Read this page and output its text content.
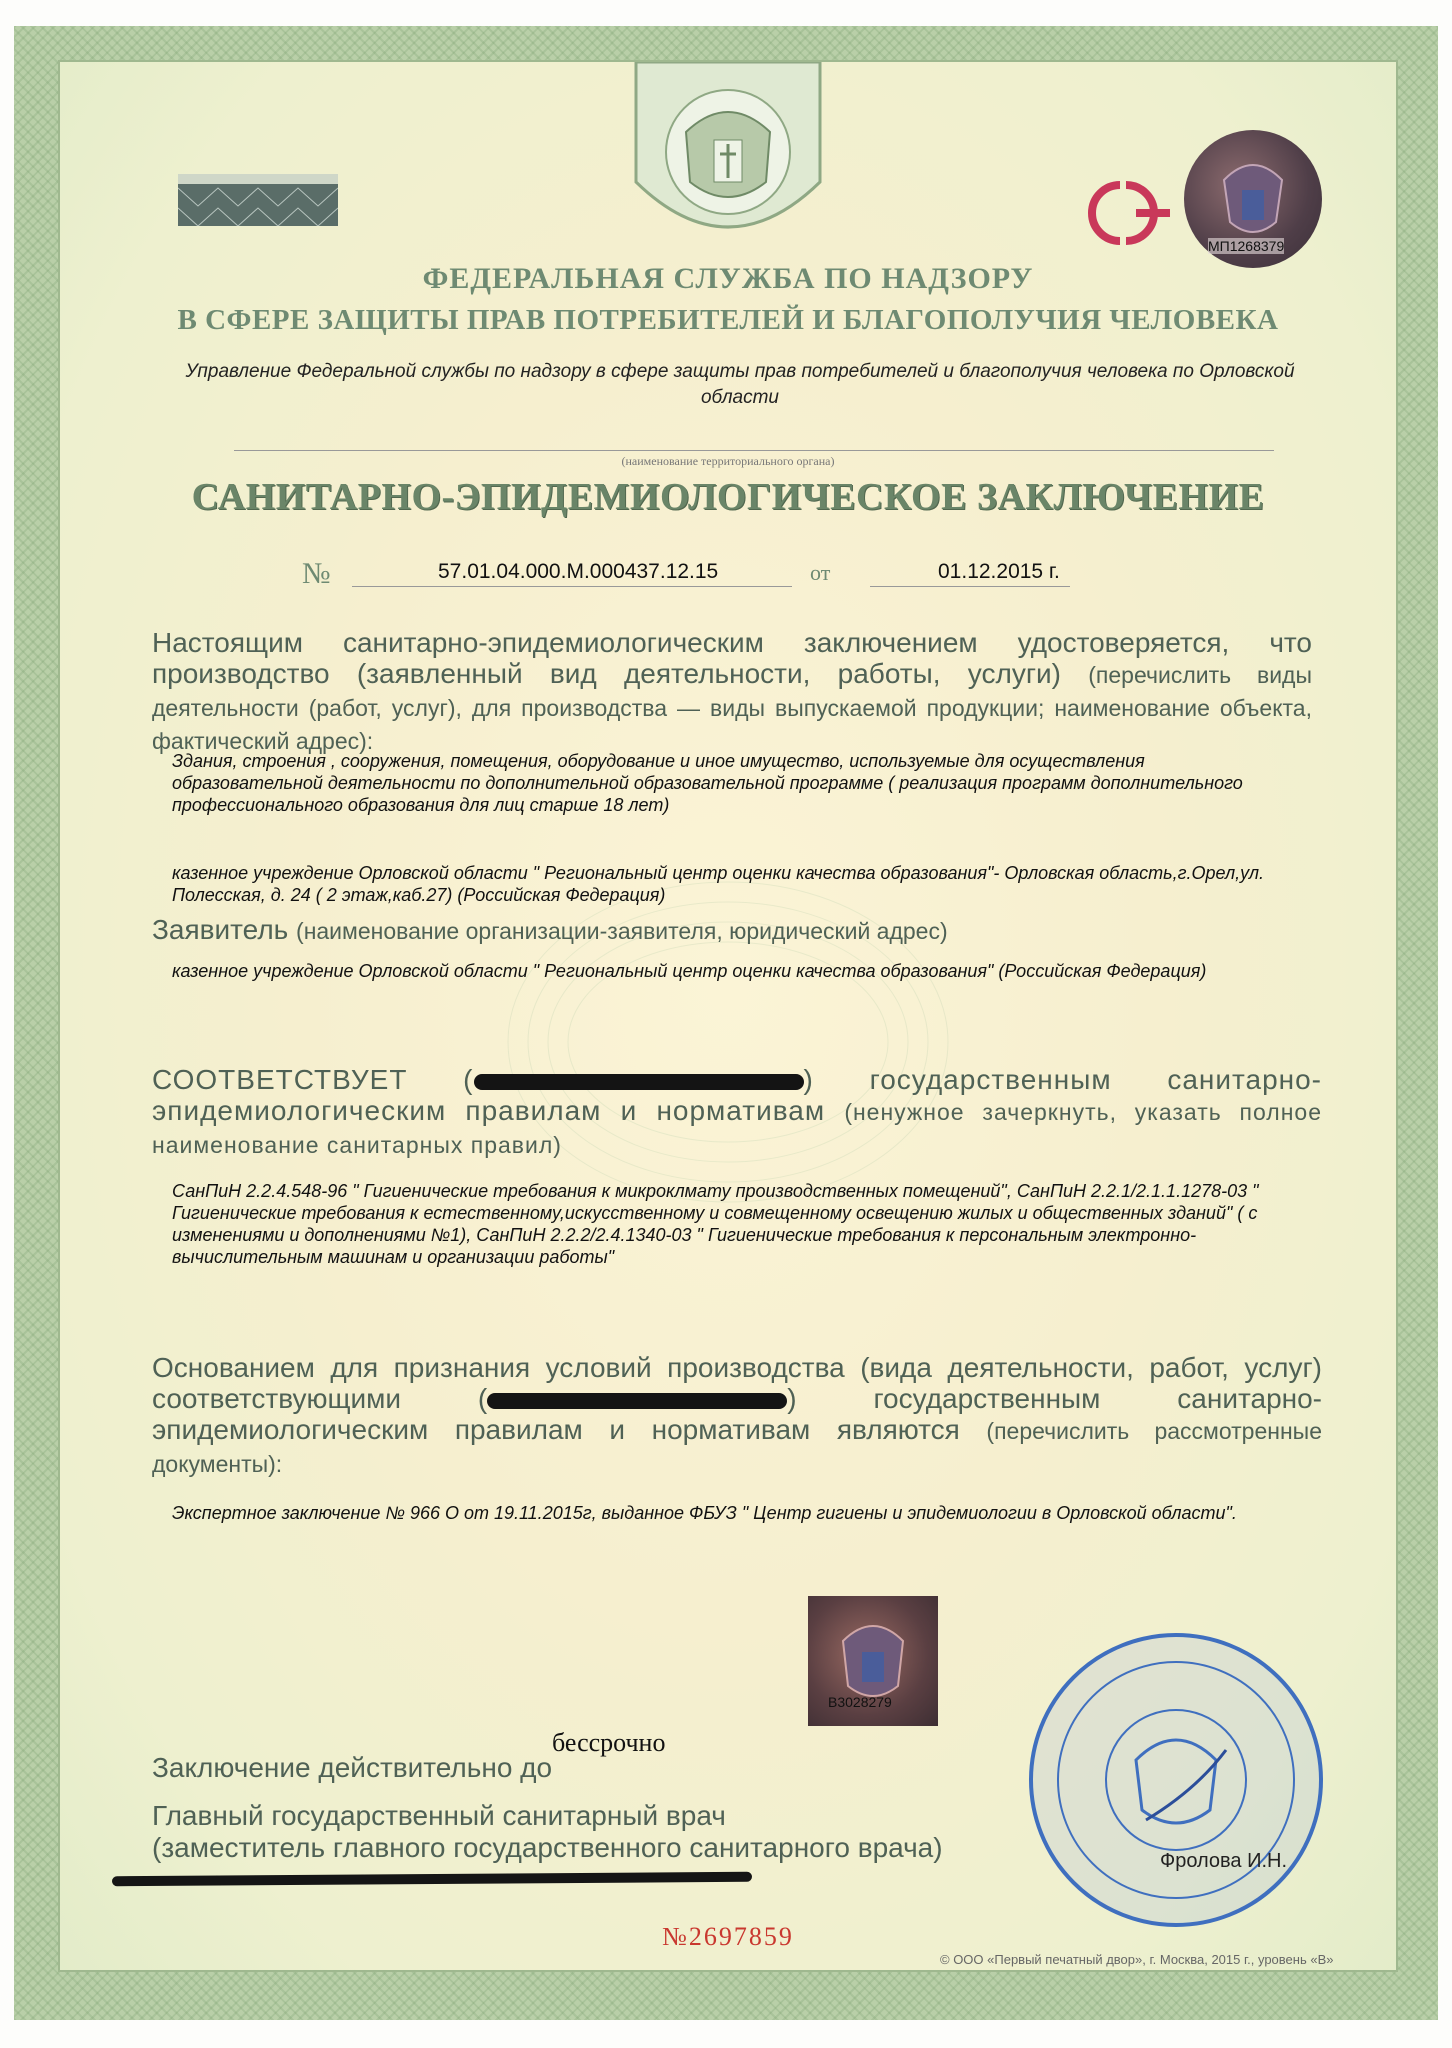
МП1268379
ФЕДЕРАЛЬНАЯ СЛУЖБА ПО НАДЗОРУ
В СФЕРЕ ЗАЩИТЫ ПРАВ ПОТРЕБИТЕЛЕЙ И БЛАГОПОЛУЧИЯ ЧЕЛОВЕКА
Управление Федеральной службы по надзору в сфере защиты прав потребителей и благополучия человека по Орловской области
(наименование территориального органа)
САНИТАРНО-ЭПИДЕМИОЛОГИЧЕСКОЕ ЗАКЛЮЧЕНИЕ
№	57.01.04.000.М.000437.12.15	от	01.12.2015 г.
Настоящим санитарно-эпидемиологическим заключением удостоверяется, что производство (заявленный вид деятельности, работы, услуги) (перечислить виды деятельности (работ, услуг), для производства — виды выпускаемой продукции; наименование объекта, фактический адрес):
Здания, строения , сооружения, помещения, оборудование и иное имущество, используемые для осуществления образовательной деятельности по дополнительной образовательной программе ( реализация программ дополнительного профессионального образования для лиц старше 18 лет)
казенное учреждение Орловской области " Региональный центр оценки качества образования"- Орловская область,г.Орел,ул. Полесская, д. 24 ( 2 этаж,каб.27) (Российская Федерация)
Заявитель (наименование организации-заявителя, юридический адрес)
казенное учреждение Орловской области " Региональный центр оценки качества образования" (Российская Федерация)
СООТВЕТСТВУЕТ (	) государственным санитарно-эпидемиологическим правилам и нормативам (ненужное зачеркнуть, указать полное наименование санитарных правил)
СанПиН 2.2.4.548-96 " Гигиенические требования к микроклмату производственных помещений", СанПиН 2.2.1/2.1.1.1278-03 " Гигиенические требования к естественному,искусственному и совмещенному освещению жилых и общественных зданий" ( с изменениями и дополнениями №1), СанПиН 2.2.2/2.4.1340-03 " Гигиенические требования к персональным электронно-вычислительным машинам и организации работы"
Основанием для признания условий производства (вида деятельности, работ, услуг) соответствующими (	) государственным санитарно-эпидемиологическим правилам и нормативам являются (перечислить рассмотренные документы):
Экспертное заключение № 966 О от 19.11.2015г, выданное ФБУЗ " Центр гигиены и эпидемиологии в Орловской области".
В3028279
Заключение действительно до
бессрочно
Главный государственный санитарный врач
(заместитель главного государственного санитарного врача)	Фролова И.Н.
№2697859
© ООО «Первый печатный двор», г. Москва, 2015 г., уровень «В»
